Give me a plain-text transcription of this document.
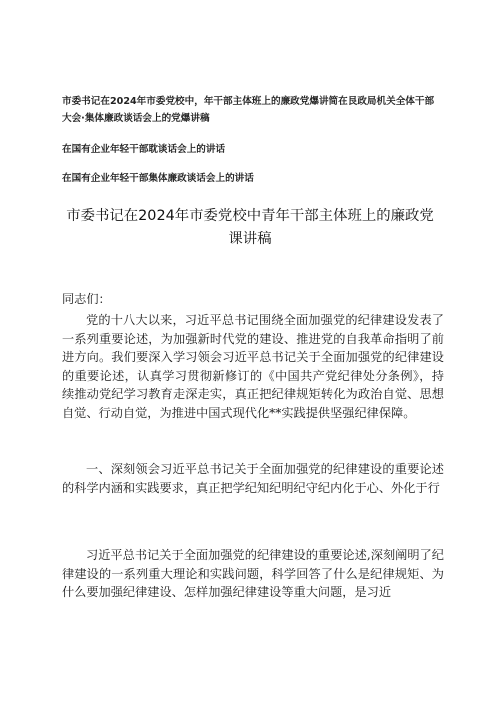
市委书记在2024年市委党校中，年干部主体班上的廉政党爆讲简在艮政局机关全体干部大会·集体廉政谈话会上的党爆讲稿
在国有企业年轻干部耽谈话会上的讲话
在国有企业年轻干部集体廉政谈话会上的讲话
市委书记在2024年市委党校中青年干部主体班上的廉政党课讲稿
同志们：

党的十八大以来，习近平总书记围绕全面加强党的纪律建设发表了一系列重要论述，为加强新时代党的建设、推进党的自我革命指明了前进方向。我们要深入学习领会习近平总书记关于全面加强党的纪律建设的重要论述，认真学习贯彻新修订的《中国共产党纪律处分条例》，持续推动党纪学习教育走深走实，真正把纪律规矩转化为政治自觉、思想自觉、行动自觉，为推进中国式现代化**实践提供坚强纪律保障。

一、深刻领会习近平总书记关于全面加强党的纪律建设的重要论述的科学内涵和实践要求，真正把学纪知纪明纪守纪内化于心、外化于行

习近平总书记关于全面加强党的纪律建设的重要论述,深刻阐明了纪律建设的一系列重大理论和实践问题，科学回答了什么是纪律规矩、为什么要加强纪律建设、怎样加强纪律建设等重大问题，是习近
